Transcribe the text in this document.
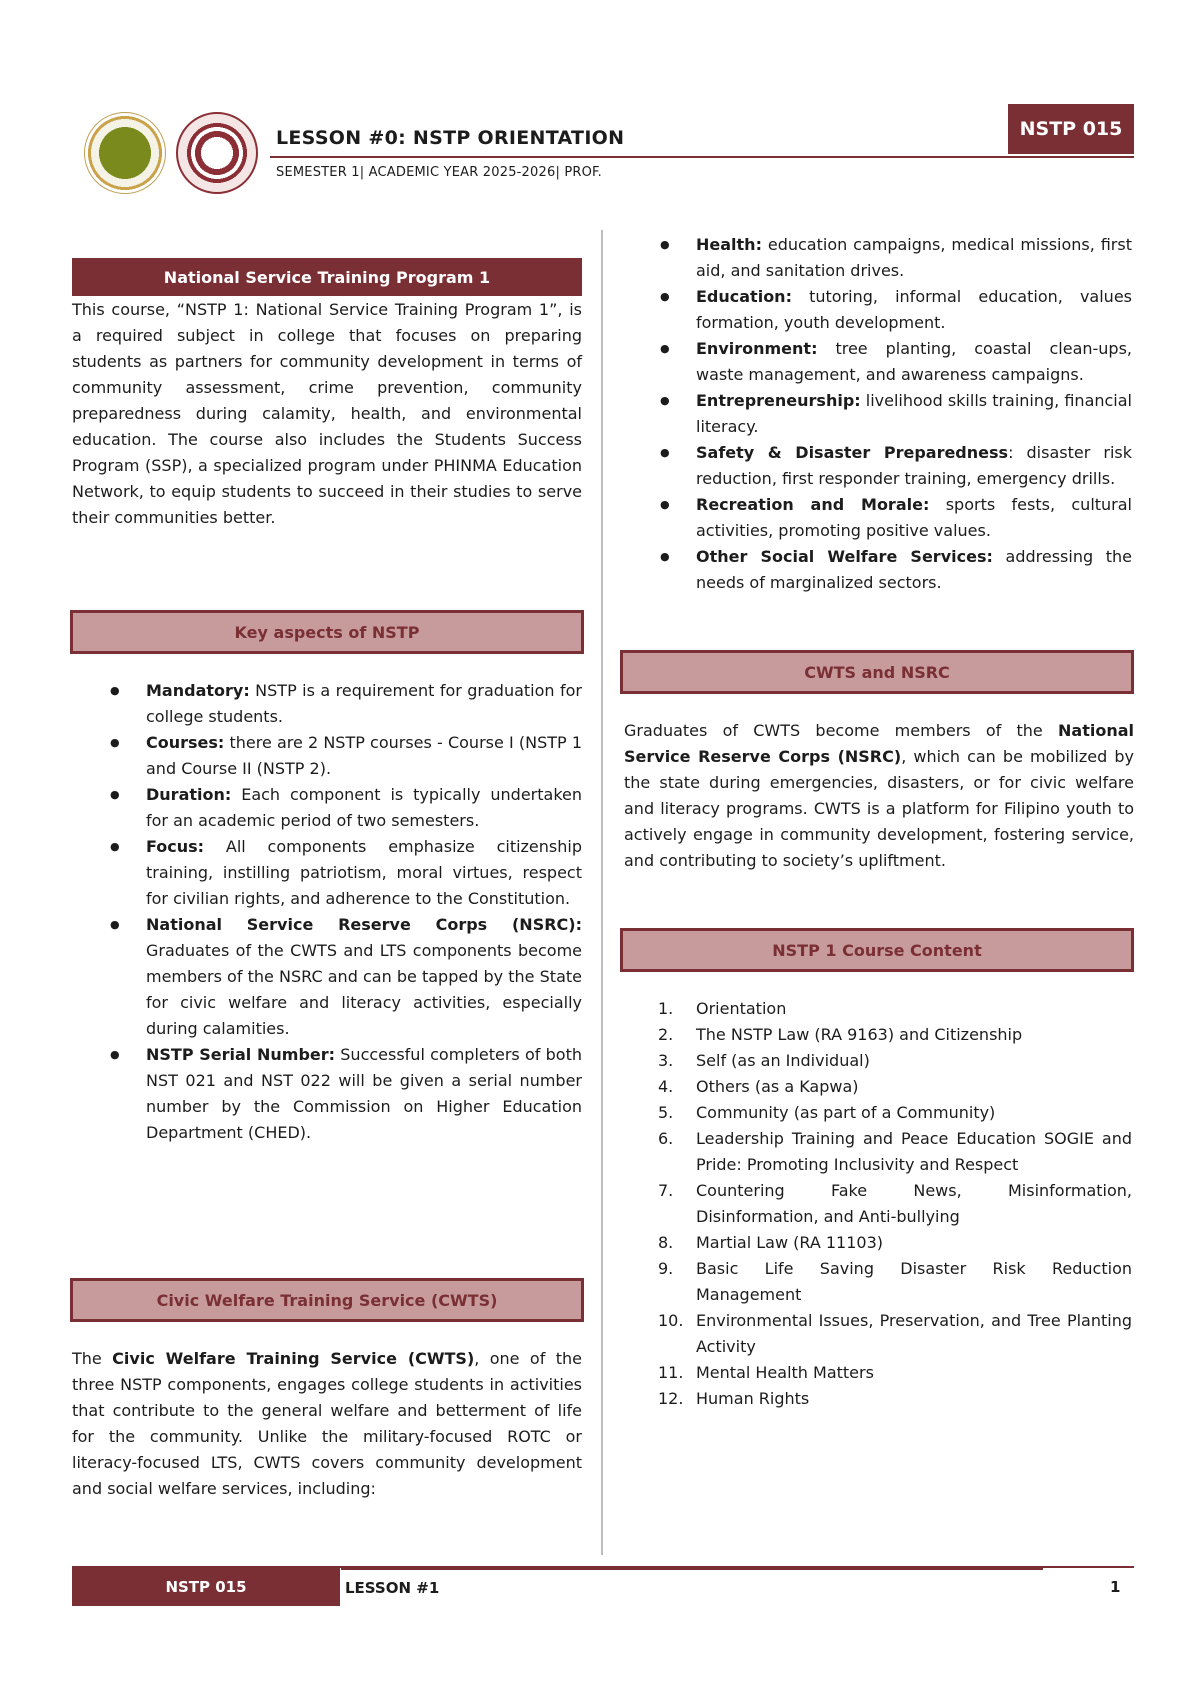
LESSON #0: NSTP ORIENTATION
SEMESTER 1| ACADEMIC YEAR 2025-2026| PROF.
NSTP 015
National Service Training Program 1
This course, “NSTP 1: National Service Training Program 1”, is a required subject in college that focuses on preparing students as partners for community development in terms of community assessment, crime prevention, community preparedness during calamity, health, and environmental education. The course also includes the Students Success Program (SSP), a specialized program under PHINMA Education Network, to equip students to succeed in their studies to serve their communities better.
Key aspects of NSTP
● Mandatory: NSTP is a requirement for graduation for college students.
● Courses: there are 2 NSTP courses - Course I (NSTP 1 and Course II (NSTP 2).
● Duration: Each component is typically undertaken for an academic period of two semesters.
● Focus: All components emphasize citizenship training, instilling patriotism, moral virtues, respect for civilian rights, and adherence to the Constitution.
● National Service Reserve Corps (NSRC): Graduates of the CWTS and LTS components become members of the NSRC and can be tapped by the State for civic welfare and literacy activities, especially during calamities.
● NSTP Serial Number: Successful completers of both NST 021 and NST 022 will be given a serial number number by the Commission on Higher Education Department (CHED).
Civic Welfare Training Service (CWTS)
The Civic Welfare Training Service (CWTS), one of the three NSTP components, engages college students in activities that contribute to the general welfare and betterment of life for the community. Unlike the military-focused ROTC or literacy-focused LTS, CWTS covers community development and social welfare services, including:
● Health: education campaigns, medical missions, first aid, and sanitation drives.
● Education: tutoring, informal education, values formation, youth development.
● Environment: tree planting, coastal clean-ups, waste management, and awareness campaigns.
● Entrepreneurship: livelihood skills training, financial literacy.
● Safety & Disaster Preparedness: disaster risk reduction, first responder training, emergency drills.
● Recreation and Morale: sports fests, cultural activities, promoting positive values.
● Other Social Welfare Services: addressing the needs of marginalized sectors.
CWTS and NSRC
Graduates of CWTS become members of the National Service Reserve Corps (NSRC), which can be mobilized by the state during emergencies, disasters, or for civic welfare and literacy programs. CWTS is a platform for Filipino youth to actively engage in community development, fostering service, and contributing to society’s upliftment.
NSTP 1 Course Content
1. Orientation
2. The NSTP Law (RA 9163) and Citizenship
3. Self (as an Individual)
4. Others (as a Kapwa)
5. Community (as part of a Community)
6. Leadership Training and Peace Education SOGIE and Pride: Promoting Inclusivity and Respect
7. Countering Fake News, Misinformation, Disinformation, and Anti-bullying
8. Martial Law (RA 11103)
9. Basic Life Saving Disaster Risk Reduction Management
10. Environmental Issues, Preservation, and Tree Planting Activity
11. Mental Health Matters
12. Human Rights
NSTP 015	LESSON #1	1
